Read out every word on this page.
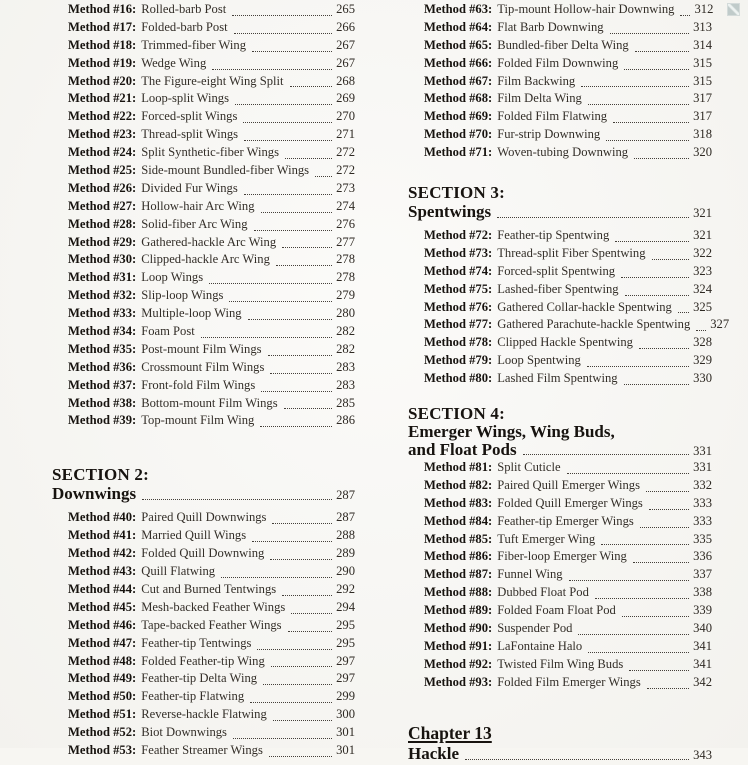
Method #16: Rolled-barb Post	265
Method #17: Folded-barb Post	266
Method #18: Trimmed-fiber Wing	267
Method #19: Wedge Wing	267
Method #20: The Figure-eight Wing Split	268
Method #21: Loop-split Wings	269
Method #22: Forced-split Wings	270
Method #23: Thread-split Wings	271
Method #24: Split Synthetic-fiber Wings	272
Method #25: Side-mount Bundled-fiber Wings 272
Method #26: Divided Fur Wings	273
Method #27: Hollow-hair Arc Wing	274
Method #28: Solid-fiber Arc Wing	276
Method #29: Gathered-hackle Arc Wing	277
Method #30: Clipped-hackle Arc Wing	278
Method #31: Loop Wings	278
Method #32: Slip-loop Wings	279
Method #33: Multiple-loop Wing	280
Method #34: Foam Post	282
Method #35: Post-mount Film Wings	282
Method #36: Crossmount Film Wings	283
Method #37: Front-fold Film Wings	283
Method #38: Bottom-mount Film Wings	285
Method #39: Top-mount Film Wing	286
SECTION 2:
Downwings	287
Method #40: Paired Quill Downwings	287
Method #41: Married Quill Wings	288
Method #42: Folded Quill Downwing	289
Method #43: Quill Flatwing	290
Method #44: Cut and Burned Tentwings	292
Method #45: Mesh-backed Feather Wings	294
Method #46: Tape-backed Feather Wings	295
Method #47: Feather-tip Tentwings	295
Method #48: Folded Feather-tip Wing	297
Method #49: Feather-tip Delta Wing	297
Method #50: Feather-tip Flatwing	299
Method #51: Reverse-hackle Flatwing	300
Method #52: Biot Downwings	301
Method #53: Feather Streamer Wings	301
Method #63: Tip-mount Hollow-hair Downwing 312
Method #64: Flat Barb Downwing	313
Method #65: Bundled-fiber Delta Wing	314
Method #66: Folded Film Downwing	315
Method #67: Film Backwing	315
Method #68: Film Delta Wing	317
Method #69: Folded Film Flatwing	317
Method #70: Fur-strip Downwing	318
Method #71: Woven-tubing Downwing	320
SECTION 3:
Spentwings	321
Method #72: Feather-tip Spentwing	321
Method #73: Thread-split Fiber Spentwing	322
Method #74: Forced-split Spentwing	323
Method #75: Lashed-fiber Spentwing	324
Method #76: Gathered Collar-hackle Spentwing 325
Method #77: Gathered Parachute-hackle Spentwing 327
Method #78: Clipped Hackle Spentwing	328
Method #79: Loop Spentwing	329
Method #80: Lashed Film Spentwing	330
SECTION 4:
Emerger Wings, Wing Buds,
and Float Pods	331
Method #81: Split Cuticle	331
Method #82: Paired Quill Emerger Wings	332
Method #83: Folded Quill Emerger Wings	333
Method #84: Feather-tip Emerger Wings	333
Method #85: Tuft Emerger Wing	335
Method #86: Fiber-loop Emerger Wing	336
Method #87: Funnel Wing	337
Method #88: Dubbed Float Pod	338
Method #89: Folded Foam Float Pod	339
Method #90: Suspender Pod	340
Method #91: LaFontaine Halo	341
Method #92: Twisted Film Wing Buds	341
Method #93: Folded Film Emerger Wings	342
Chapter 13
Hackle	343
